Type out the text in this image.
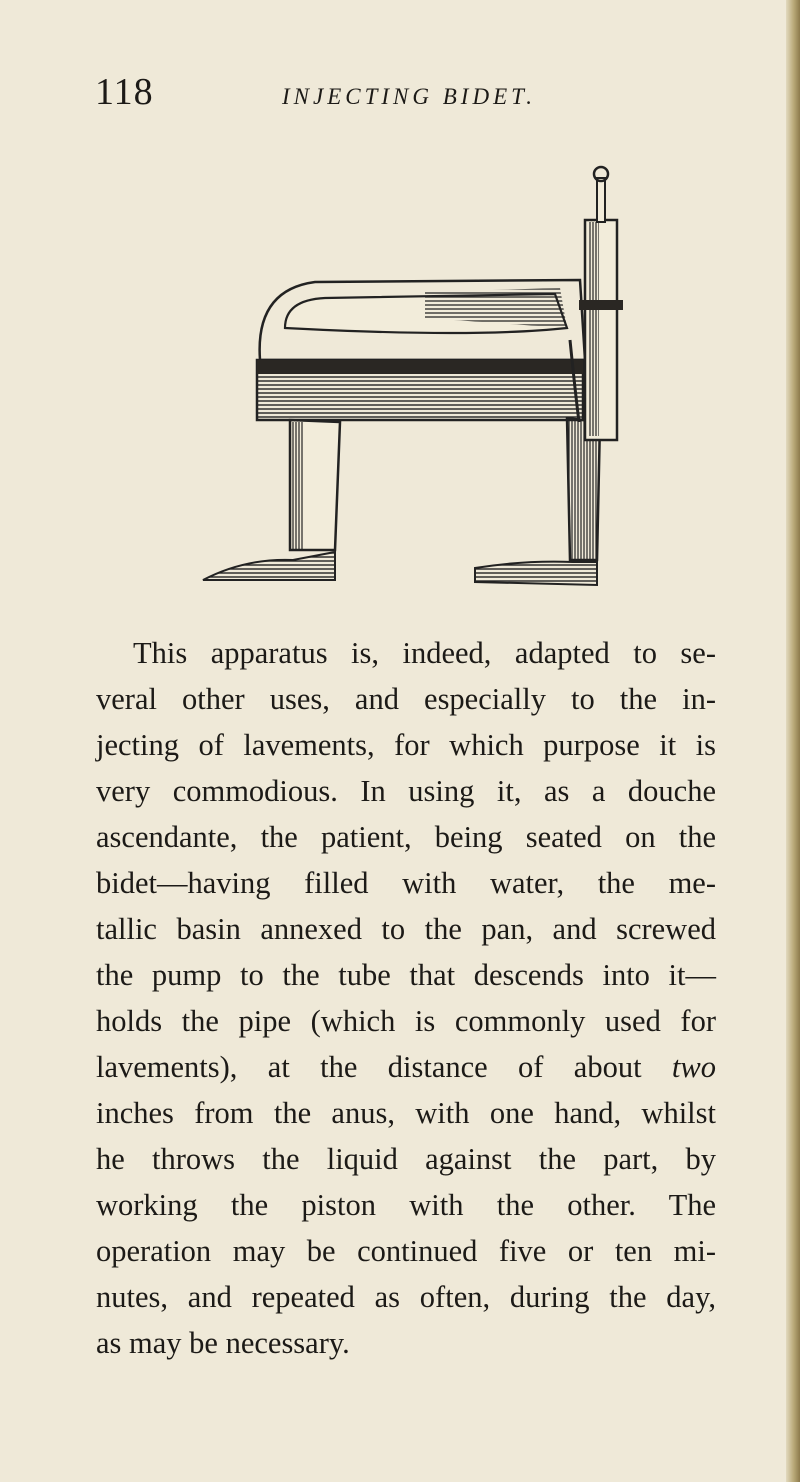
118	INJECTING BIDET.
This apparatus is, indeed, adapted to se-
veral other uses, and especially to the in-
jecting of lavements, for which purpose it is
very commodious. In using it, as a douche
ascendante, the patient, being seated on the
bidet—having filled with water, the me-
tallic basin annexed to the pan, and screwed
the pump to the tube that descends into it—
holds the pipe (which is commonly used for
lavements), at the distance of about two
inches from the anus, with one hand, whilst
he throws the liquid against the part, by
working the piston with the other. The
operation may be continued five or ten mi-
nutes, and repeated as often, during the day,
as may be necessary.
